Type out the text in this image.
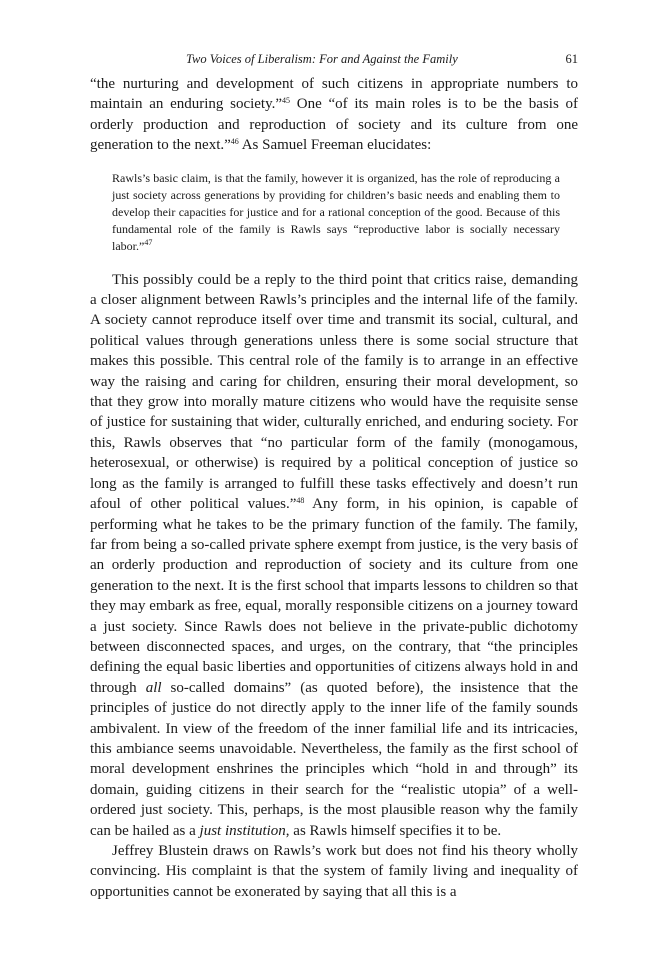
Two Voices of Liberalism: For and Against the Family	61

“the nurturing and development of such citizens in appropriate numbers to maintain an enduring society.”$^{45}$ One “of its main roles is to be the basis of orderly production and reproduction of society and its culture from one generation to the next.”$^{46}$ As Samuel Freeman elucidates:

Rawls’s basic claim, is that the family, however it is organized, has the role of reproducing a just society across generations by providing for children’s basic needs and enabling them to develop their capacities for justice and for a rational conception of the good. Because of this fundamental role of the family is Rawls says “reproductive labor is socially necessary labor.”$^{47}$

This possibly could be a reply to the third point that critics raise, demanding a closer alignment between Rawls’s principles and the internal life of the family. A society cannot reproduce itself over time and transmit its social, cultural, and political values through generations unless there is some social structure that makes this possible. This central role of the family is to arrange in an effective way the raising and caring for children, ensuring their moral development, so that they grow into morally mature citizens who would have the requisite sense of justice for sustaining that wider, culturally enriched, and enduring society. For this, Rawls observes that “no particular form of the family (monogamous, heterosexual, or otherwise) is required by a political conception of justice so long as the family is arranged to fulfill these tasks effectively and doesn’t run afoul of other political values.”$^{48}$ Any form, in his opinion, is capable of performing what he takes to be the primary function of the family. The family, far from being a so-called private sphere exempt from justice, is the very basis of an orderly production and reproduction of society and its culture from one generation to the next. It is the first school that imparts lessons to children so that they may embark as free, equal, morally responsible citizens on a journey toward a just society. Since Rawls does not believe in the private-public dichotomy between disconnected spaces, and urges, on the contrary, that “the principles defining the equal basic liberties and opportunities of citizens always hold in and through all so-called domains” (as quoted before), the insistence that the principles of justice do not directly apply to the inner life of the family sounds ambivalent. In view of the freedom of the inner familial life and its intricacies, this ambiance seems unavoidable. Nevertheless, the family as the first school of moral development enshrines the principles which “hold in and through” its domain, guiding citizens in their search for the “realistic utopia” of a well-ordered just society. This, perhaps, is the most plausible reason why the family can be hailed as a just institution, as Rawls himself specifies it to be.

Jeffrey Blustein draws on Rawls’s work but does not find his theory wholly convincing. His complaint is that the system of family living and inequality of opportunities cannot be exonerated by saying that all this is a
